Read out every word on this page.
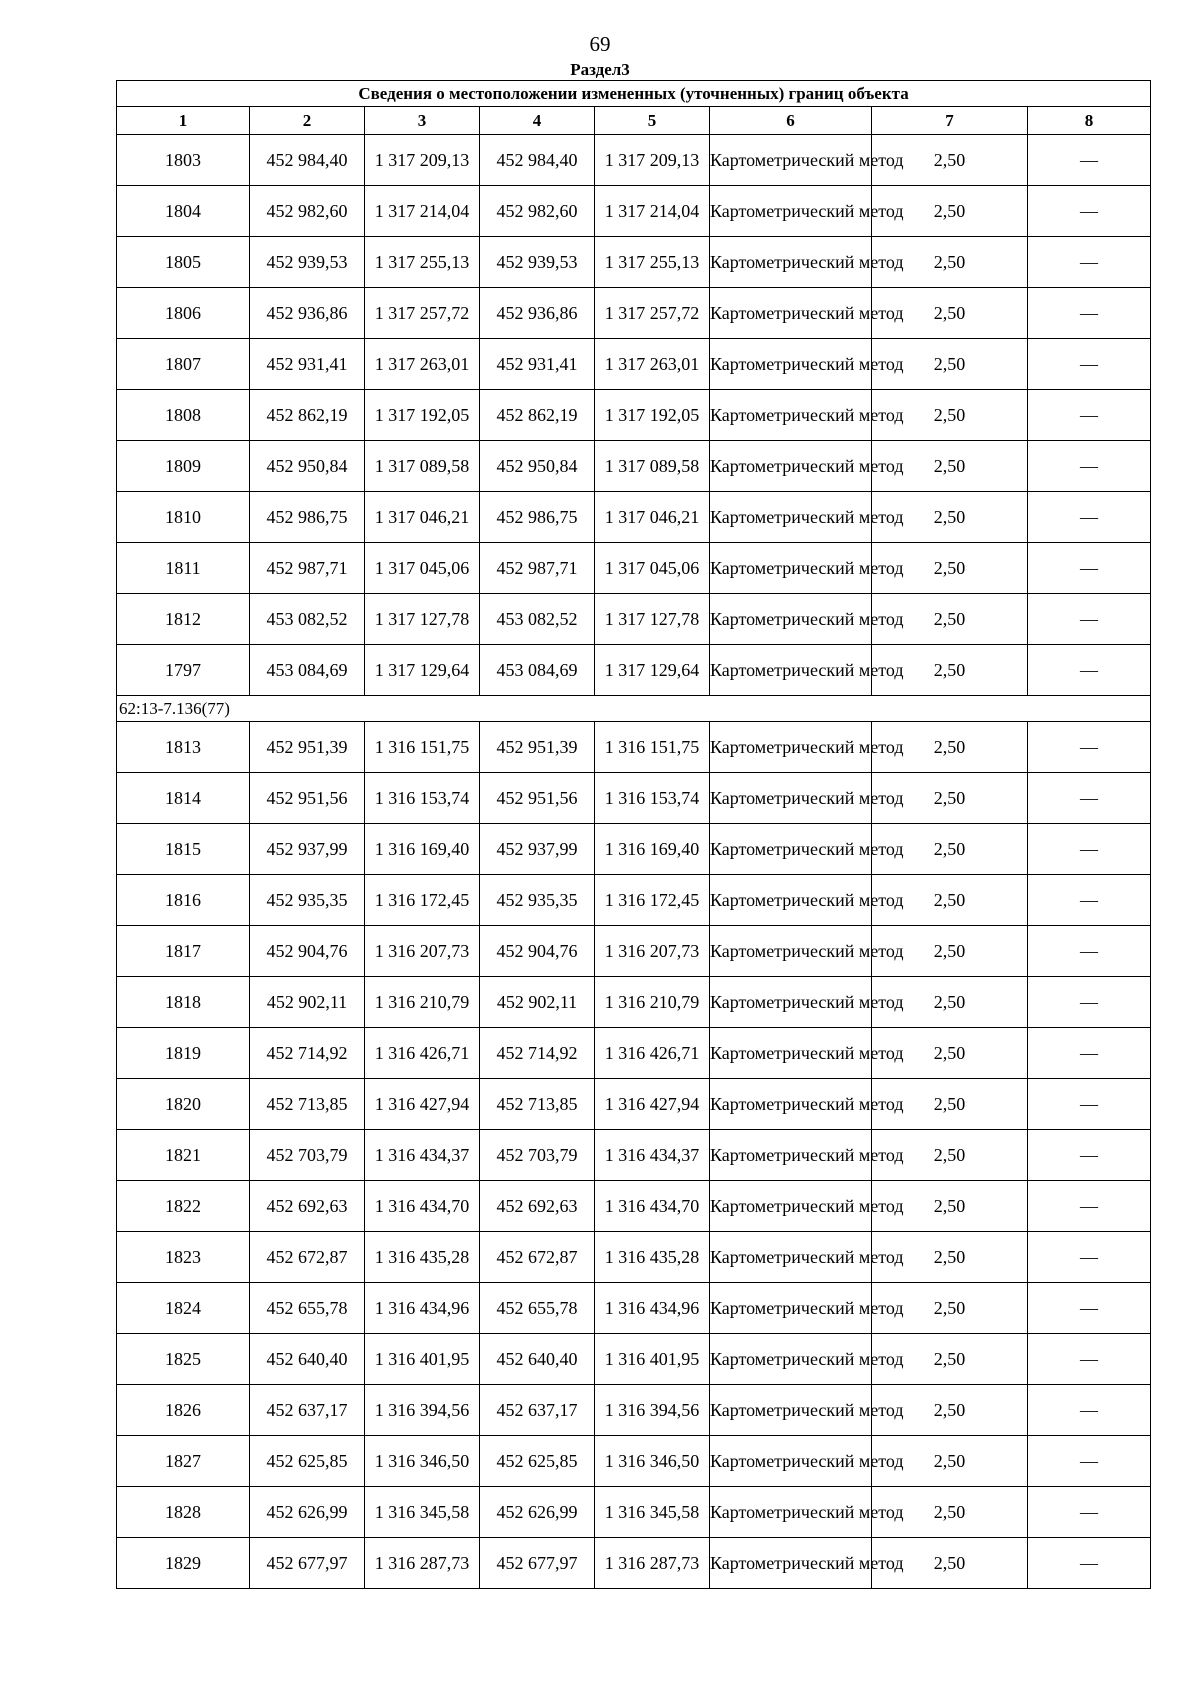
69
Раздел3
Сведения о местоположении измененных (уточненных) границ объекта							
1	2	3	4	5	6	7	8
1803	452 984,40	1 317 209,13	452 984,40	1 317 209,13	Картометрический метод	2,50	—
1804	452 982,60	1 317 214,04	452 982,60	1 317 214,04	Картометрический метод	2,50	—
1805	452 939,53	1 317 255,13	452 939,53	1 317 255,13	Картометрический метод	2,50	—
1806	452 936,86	1 317 257,72	452 936,86	1 317 257,72	Картометрический метод	2,50	—
1807	452 931,41	1 317 263,01	452 931,41	1 317 263,01	Картометрический метод	2,50	—
1808	452 862,19	1 317 192,05	452 862,19	1 317 192,05	Картометрический метод	2,50	—
1809	452 950,84	1 317 089,58	452 950,84	1 317 089,58	Картометрический метод	2,50	—
1810	452 986,75	1 317 046,21	452 986,75	1 317 046,21	Картометрический метод	2,50	—
1811	452 987,71	1 317 045,06	452 987,71	1 317 045,06	Картометрический метод	2,50	—
1812	453 082,52	1 317 127,78	453 082,52	1 317 127,78	Картометрический метод	2,50	—
1797	453 084,69	1 317 129,64	453 084,69	1 317 129,64	Картометрический метод	2,50	—
62:13-7.136(77)							
1813	452 951,39	1 316 151,75	452 951,39	1 316 151,75	Картометрический метод	2,50	—
1814	452 951,56	1 316 153,74	452 951,56	1 316 153,74	Картометрический метод	2,50	—
1815	452 937,99	1 316 169,40	452 937,99	1 316 169,40	Картометрический метод	2,50	—
1816	452 935,35	1 316 172,45	452 935,35	1 316 172,45	Картометрический метод	2,50	—
1817	452 904,76	1 316 207,73	452 904,76	1 316 207,73	Картометрический метод	2,50	—
1818	452 902,11	1 316 210,79	452 902,11	1 316 210,79	Картометрический метод	2,50	—
1819	452 714,92	1 316 426,71	452 714,92	1 316 426,71	Картометрический метод	2,50	—
1820	452 713,85	1 316 427,94	452 713,85	1 316 427,94	Картометрический метод	2,50	—
1821	452 703,79	1 316 434,37	452 703,79	1 316 434,37	Картометрический метод	2,50	—
1822	452 692,63	1 316 434,70	452 692,63	1 316 434,70	Картометрический метод	2,50	—
1823	452 672,87	1 316 435,28	452 672,87	1 316 435,28	Картометрический метод	2,50	—
1824	452 655,78	1 316 434,96	452 655,78	1 316 434,96	Картометрический метод	2,50	—
1825	452 640,40	1 316 401,95	452 640,40	1 316 401,95	Картометрический метод	2,50	—
1826	452 637,17	1 316 394,56	452 637,17	1 316 394,56	Картометрический метод	2,50	—
1827	452 625,85	1 316 346,50	452 625,85	1 316 346,50	Картометрический метод	2,50	—
1828	452 626,99	1 316 345,58	452 626,99	1 316 345,58	Картометрический метод	2,50	—
1829	452 677,97	1 316 287,73	452 677,97	1 316 287,73	Картометрический метод	2,50	—
